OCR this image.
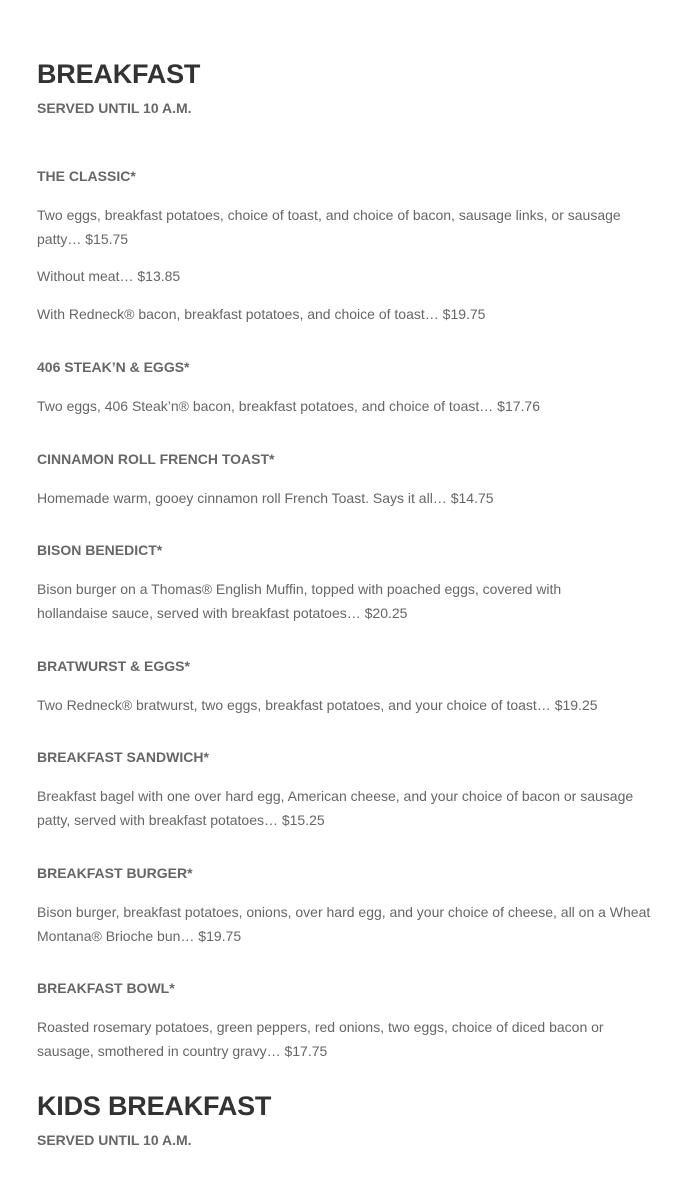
BREAKFAST

SERVED UNTIL 10 A.M.

THE CLASSIC*

Two eggs, breakfast potatoes, choice of toast, and choice of bacon, sausage links, or sausage patty… $15.75

Without meat… $13.85

With Redneck® bacon, breakfast potatoes, and choice of toast… $19.75

406 STEAK’N & EGGS*

Two eggs, 406 Steak’n® bacon, breakfast potatoes, and choice of toast… $17.76

CINNAMON ROLL FRENCH TOAST*

Homemade warm, gooey cinnamon roll French Toast. Says it all… $14.75

BISON BENEDICT*

Bison burger on a Thomas® English Muffin, topped with poached eggs, covered with hollandaise sauce, served with breakfast potatoes… $20.25

BRATWURST & EGGS*

Two Redneck® bratwurst, two eggs, breakfast potatoes, and your choice of toast… $19.25

BREAKFAST SANDWICH*

Breakfast bagel with one over hard egg, American cheese, and your choice of bacon or sausage patty, served with breakfast potatoes… $15.25

BREAKFAST BURGER*

Bison burger, breakfast potatoes, onions, over hard egg, and your choice of cheese, all on a Wheat Montana® Brioche bun… $19.75

BREAKFAST BOWL*

Roasted rosemary potatoes, green peppers, red onions, two eggs, choice of diced bacon or sausage, smothered in country gravy… $17.75

KIDS BREAKFAST

SERVED UNTIL 10 A.M.
